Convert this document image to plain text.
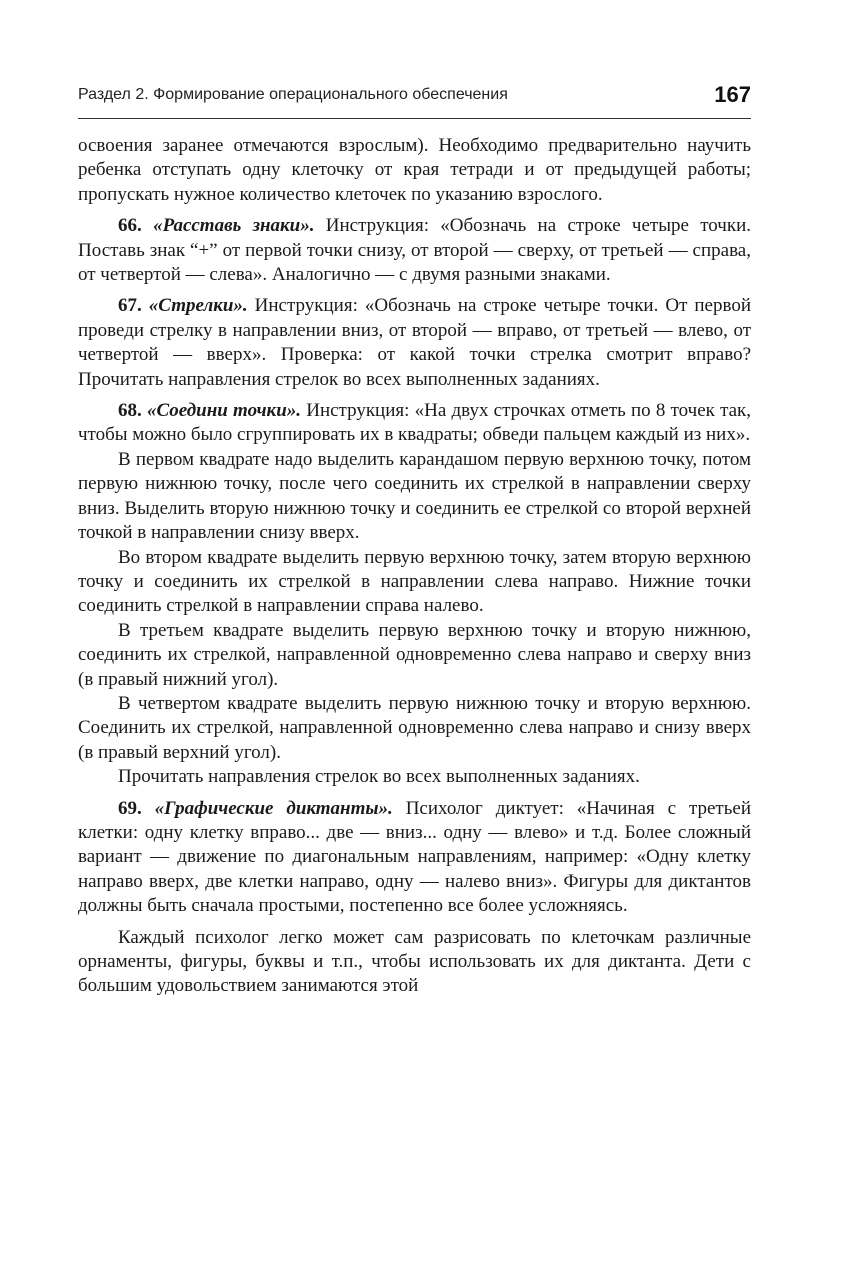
Раздел 2. Формирование операционального обеспечения	167

освоения заранее отмечаются взрослым). Необходимо предварительно научить ребенка отступать одну клеточку от края тетради и от предыдущей работы; пропускать нужное количество клеточек по указанию взрослого.

66. «Расставь знаки». Инструкция: «Обозначь на строке четыре точки. Поставь знак “+” от первой точки снизу, от второй — сверху, от третьей — справа, от четвертой — слева». Аналогично — с двумя разными знаками.

67. «Стрелки». Инструкция: «Обозначь на строке четыре точки. От первой проведи стрелку в направлении вниз, от второй — вправо, от третьей — влево, от четвертой — вверх». Проверка: от какой точки стрелка смотрит вправо? Прочитать направления стрелок во всех выполненных заданиях.

68. «Соедини точки». Инструкция: «На двух строчках отметь по 8 точек так, чтобы можно было сгруппировать их в квадраты; обведи пальцем каждый из них».

В первом квадрате надо выделить карандашом первую верхнюю точку, потом первую нижнюю точку, после чего соединить их стрелкой в направлении сверху вниз. Выделить вторую нижнюю точку и соединить ее стрелкой со второй верхней точкой в направлении снизу вверх.

Во втором квадрате выделить первую верхнюю точку, затем вторую верхнюю точку и соединить их стрелкой в направлении слева направо. Нижние точки соединить стрелкой в направлении справа налево.

В третьем квадрате выделить первую верхнюю точку и вторую нижнюю, соединить их стрелкой, направленной одновременно слева направо и сверху вниз (в правый нижний угол).

В четвертом квадрате выделить первую нижнюю точку и вторую верхнюю. Соединить их стрелкой, направленной одновременно слева направо и снизу вверх (в правый верхний угол).

Прочитать направления стрелок во всех выполненных заданиях.

69. «Графические диктанты». Психолог диктует: «Начиная с третьей клетки: одну клетку вправо... две — вниз... одну — влево» и т.д. Более сложный вариант — движение по диагональным направлениям, например: «Одну клетку направо вверх, две клетки направо, одну — налево вниз». Фигуры для диктантов должны быть сначала простыми, постепенно все более усложняясь.

Каждый психолог легко может сам разрисовать по клеточкам различные орнаменты, фигуры, буквы и т.п., чтобы использовать их для диктанта. Дети с большим удовольствием занимаются этой
